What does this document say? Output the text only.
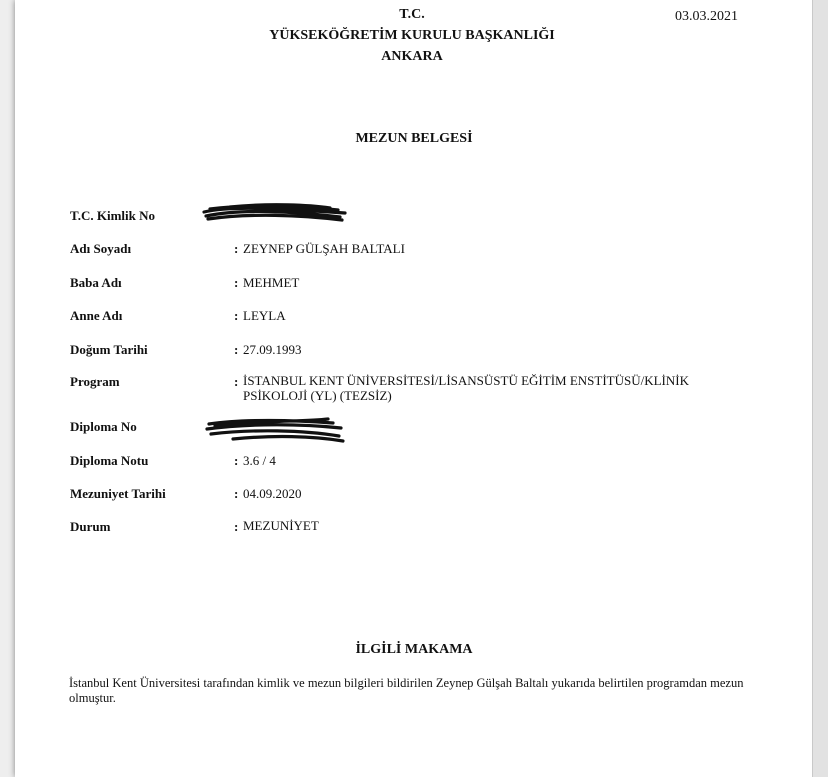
T.C.
YÜKSEKÖĞRETİM KURULU BAŞKANLIĞI
ANKARA
03.03.2021
MEZUN BELGESİ
T.C. Kimlik No
Adı Soyadı	: ZEYNEP GÜLŞAH BALTALI
Baba Adı	: MEHMET
Anne Adı	: LEYLA
Doğum Tarihi	: 27.09.1993
Program	: İSTANBUL KENT ÜNİVERSİTESİ/LİSANSÜSTÜ EĞİTİM ENSTİTÜSÜ/KLİNİK PSİKOLOJİ (YL) (TEZSİZ)
Diploma No
Diploma Notu	: 3.6 / 4
Mezuniyet Tarihi	: 04.09.2020
Durum	: MEZUNİYET
İLGİLİ MAKAMA
İstanbul Kent Üniversitesi tarafından kimlik ve mezun bilgileri bildirilen Zeynep Gülşah Baltalı yukarıda belirtilen programdan mezun olmuştur.
